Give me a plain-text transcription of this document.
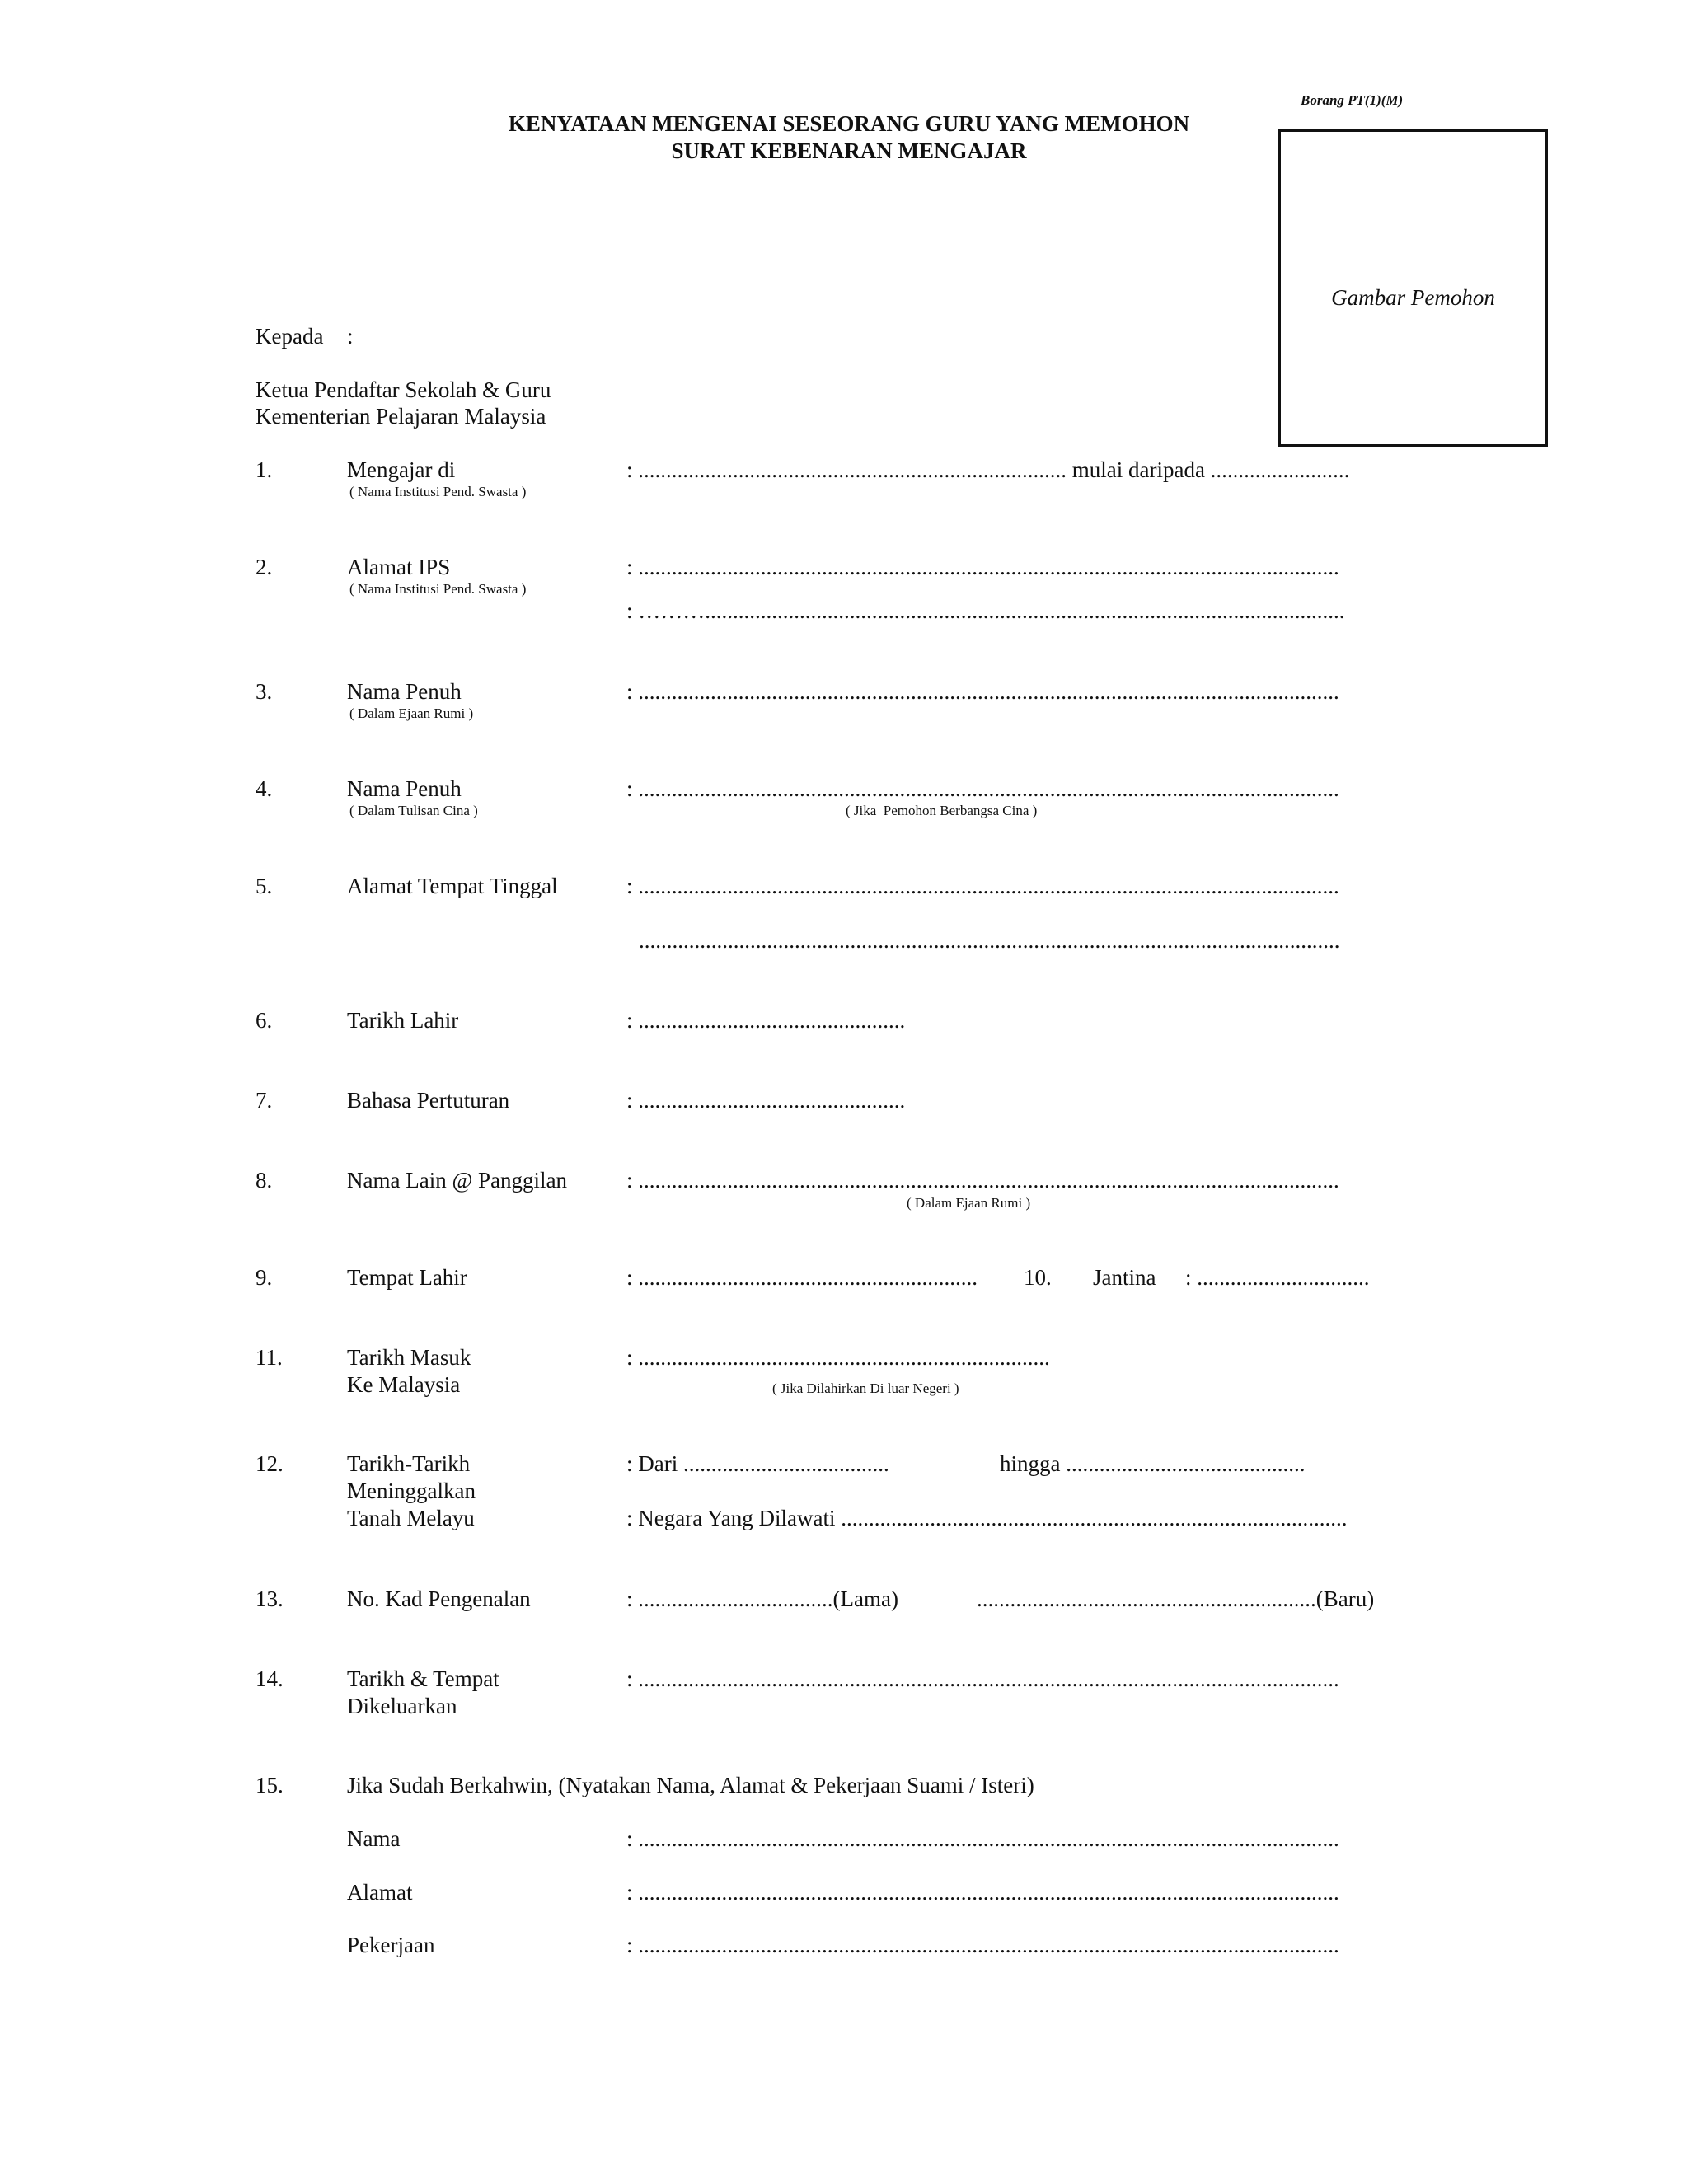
Borang PT(1)(M)
KENYATAAN MENGENAI SESEORANG GURU YANG MEMOHON
SURAT KEBENARAN MENGAJAR
Gambar Pemohon
Kepada :
Ketua Pendaftar Sekolah & Guru
Kementerian Pelajaran Malaysia
1.	Mengajar di
( Nama Institusi Pend. Swasta )
: ............................................................................. mulai daripada .........................
2.	Alamat IPS
( Nama Institusi Pend. Swasta )
: ..............................................................................................................................
: ………...................................................................................................................
3.	Nama Penuh
( Dalam Ejaan Rumi )
: ..............................................................................................................................
4.	Nama Penuh
( Dalam Tulisan Cina )
: ..............................................................................................................................
( Jika  Pemohon Berbangsa Cina )
5.	Alamat Tempat Tinggal	: ..............................................................................................................................
..............................................................................................................................
6.	Tarikh Lahir	: ................................................
7.	Bahasa Pertuturan	: ................................................
8.	Nama Lain @ Panggilan	: ..............................................................................................................................
( Dalam Ejaan Rumi )
9.	Tempat Lahir	: ............................................................. 10. Jantina : ...............................
11.	Tarikh Masuk
Ke Malaysia
: ..........................................................................
( Jika Dilahirkan Di luar Negeri )
12.	Tarikh-Tarikh
Meninggalkan
Tanah Melayu
: Dari .....................................	hingga ...........................................
: Negara Yang Dilawati ...........................................................................................
13.	No. Kad Pengenalan	: ...................................(Lama)	.............................................................(Baru)
14.	Tarikh & Tempat
Dikeluarkan
: ..............................................................................................................................
15.	Jika Sudah Berkahwin, (Nyatakan Nama, Alamat & Pekerjaan Suami / Isteri)
Nama	: ..............................................................................................................................
Alamat	: ..............................................................................................................................
Pekerjaan	: ..............................................................................................................................
